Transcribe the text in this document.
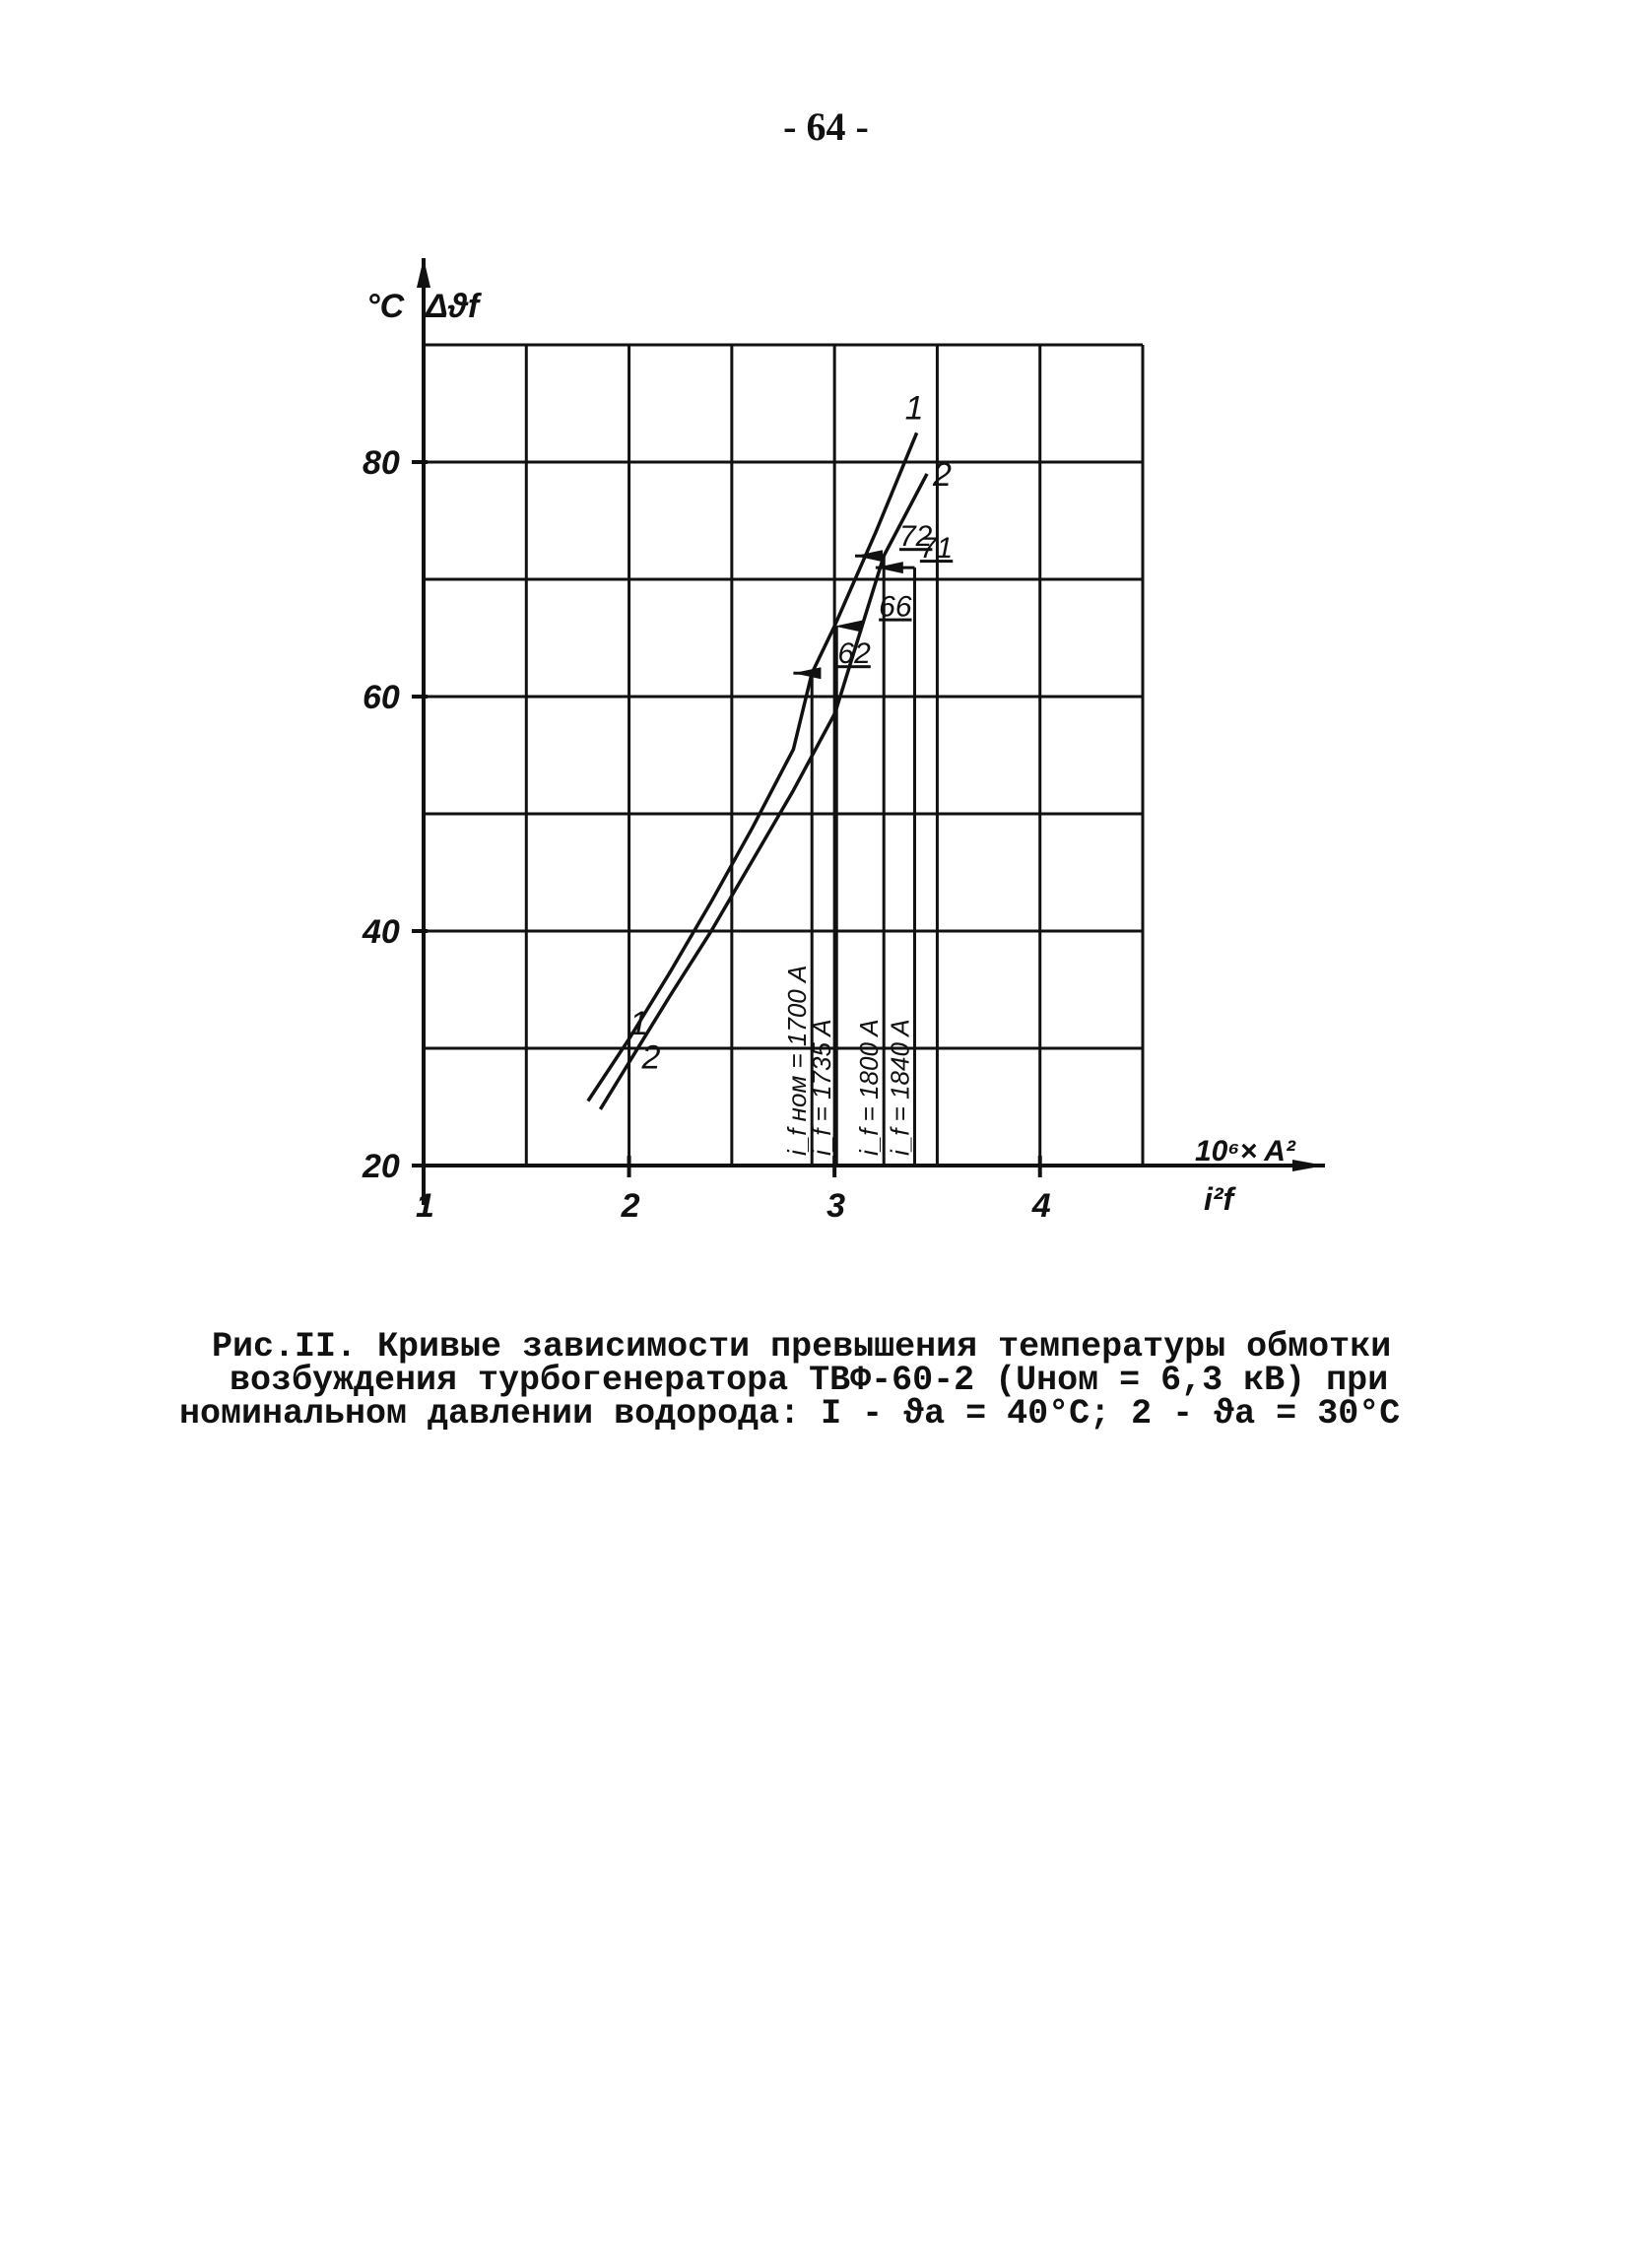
- 64 -
1	2	3	4
20
40
60
80
1
1
2
2
62
i_f ном = 1700 A
66
i_f = 1735 A
72
i_f = 1800 A
71
i_f = 1840 A
°C Δϑf
10⁶× A²
i²f
Рис.II. Кривые зависимости превышения температуры обмотки
возбуждения турбогенератора ТВФ-60-2 (Uном = 6,3 кВ) при
номинальном давлении водорода: I - ϑа = 40°С; 2 - ϑа = 30°С
